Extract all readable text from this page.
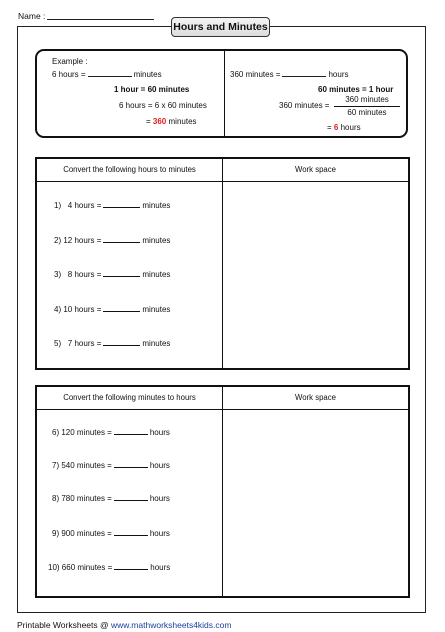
Name :
Hours and Minutes
Example :
6 hours =	minutes
1 hour = 60 minutes
6 hours = 6 x 60 minutes
= 360 minutes
360 minutes =	hours
60 minutes = 1 hour
360 minutes =
360 minutes
60 minutes
= 6 hours
Convert the following hours to minutes	Work space
1) 4 hours =	minutes
2) 12 hours =	minutes
3) 8 hours =	minutes
4) 10 hours =	minutes
5) 7 hours =	minutes
Convert the following minutes to hours	Work space
6) 120 minutes =	hours
7) 540 minutes =	hours
8) 780 minutes =	hours
9) 900 minutes =	hours
10) 660 minutes =	hours
Printable Worksheets @ www.mathworksheets4kids.com
